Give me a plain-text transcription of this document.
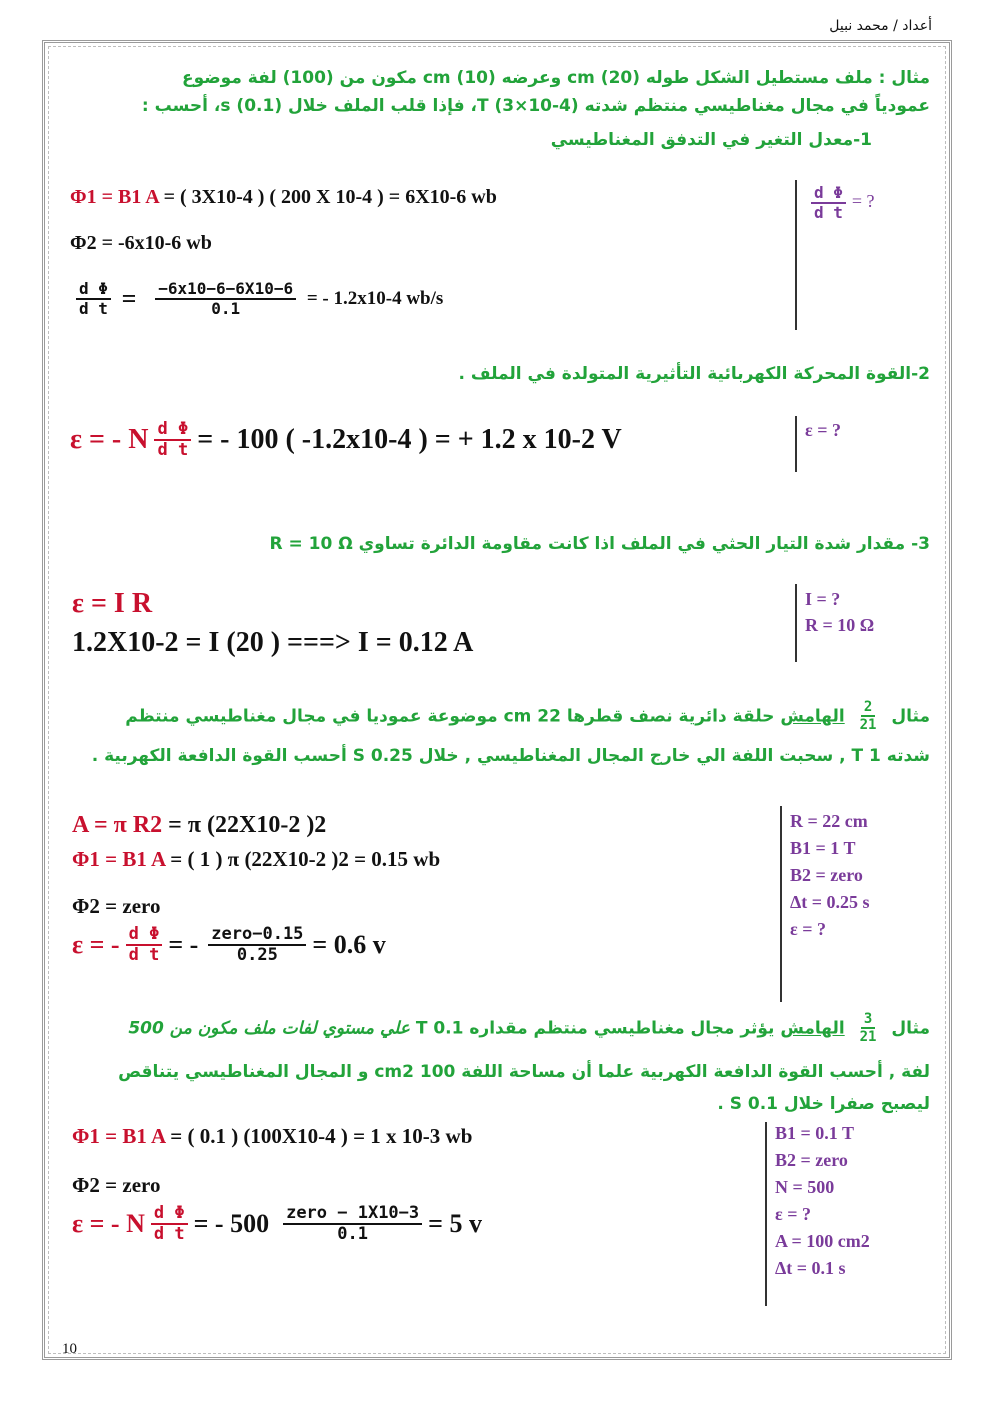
أعداد / محمد نبيل
مثال : ملف مستطيل الشكل طوله cm (20) وعرضه cm (10) مكون من (100) لفة موضوع
عمودياً في مجال مغناطيسي منتظم شدته T (3×10-4)، فإذا قلب الملف خلال s (0.1)، أحسب :
1-معدل التغير في التدفق المغناطيسي
Φ1 = B1 A = ( 3X10-4 ) ( 200 X 10-4 ) = 6X10-6 wb
Φ2 = -6x10-6 wb
$\frac{\text{d Φ}}{\text{d t}} = \frac{-6x10-6-6X10-6}{0.1}$ = - 1.2x10-4 wb/s
$\frac{\text{d Φ}}{\text{d t}}$ = ?
2-القوة المحركة الكهربائية التأثيرية المتولدة في الملف .
ε = - N $\frac{\text{d Φ}}{\text{d t}}$ = - 100 ( -1.2x10-4 ) = + 1.2 x 10-2 V	ε = ?
3- مقدار شدة التيار الحثي في الملف اذا كانت مقاومة الدائرة تساوي R = 10 Ω
ε = I R
1.2X10-2 = I (20 ) ===> I = 0.12 A
I = ?
R = 10 Ω
مثال
$\frac{2}{21}$
الهامش حلقة دائرية نصف قطرها 22 cm موضوعة عموديا في مجال مغناطيسي منتظم
شدته T 1 , سحبت اللفة الي خارج المجال المغناطيسي , خلال S 0.25 أحسب القوة الدافعة الكهربية .
A = π R2 = π (22X10-2 )2
Φ1 = B1 A = ( 1 ) π (22X10-2 )2 = 0.15 wb
Φ2 = zero
ε = - $\frac{\text{d Φ}}{\text{d t}}$ = - $\frac{\text{zero−0.15}}{0.25} = 0.6$ v
R = 22 cm
B1 = 1 T
B2 = zero
Δt = 0.25 s
ε = ?
مثال
$\frac{3}{21}$
الهامش يؤثر مجال مغناطيسي منتظم مقداره T 0.1 علي مستوي لفات ملف مكون من 500
لفة , أحسب القوة الدافعة الكهربية علما أن مساحة اللفة 100 cm2 و المجال المغناطيسي يتناقص
ليصبح صفرا خلال S 0.1 .
Φ1 = B1 A = ( 0.1 ) (100X10-4 ) = 1 x 10-3 wb
Φ2 = zero
ε = - N $\frac{\text{d Φ}}{\text{d t}}$ = - $500 \frac{\text{zero − 1X10−3}}{0.1} = 5$ v
B1 = 0.1 T
B2 = zero
N = 500
ε = ?
A = 100 cm2
Δt = 0.1 s
10
